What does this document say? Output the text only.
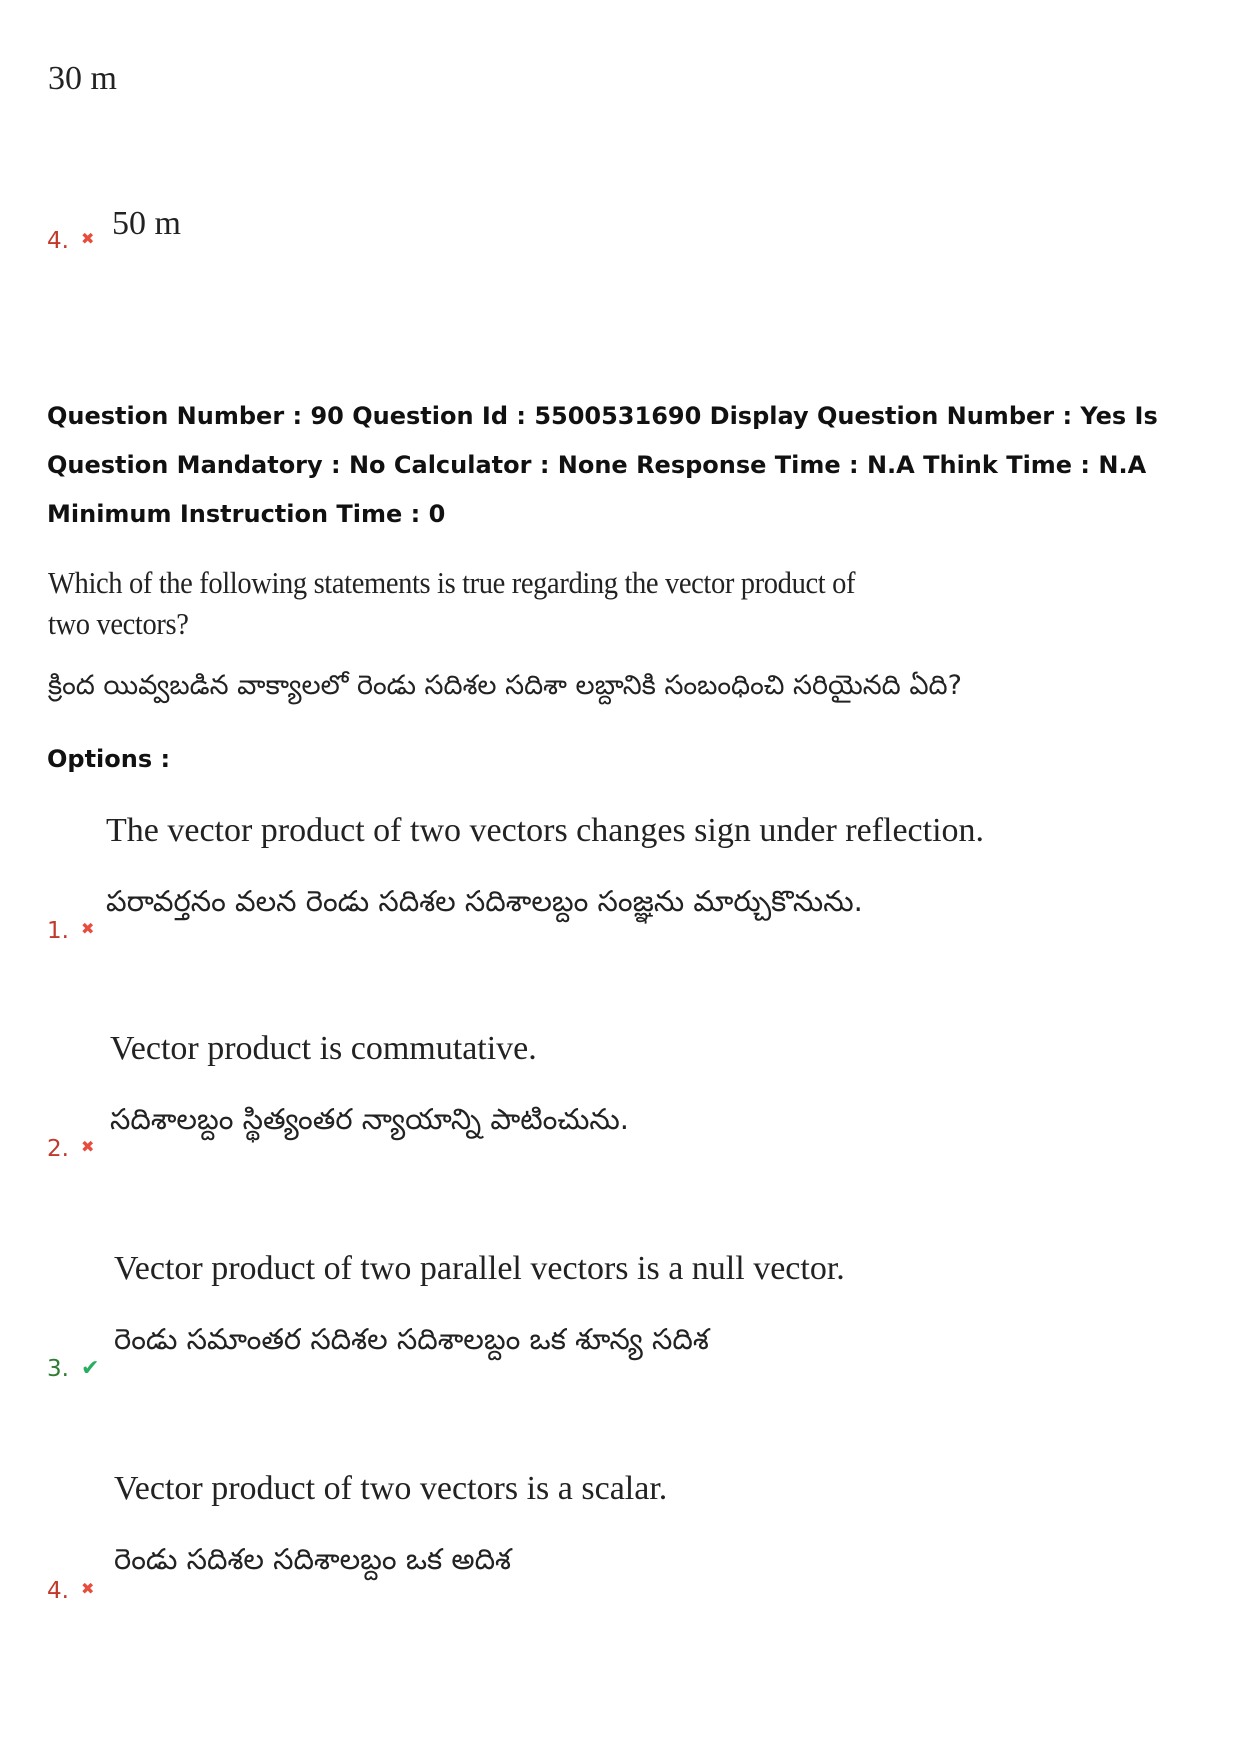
30 m
4. ✖ 50 m
Question Number : 90 Question Id : 5500531690 Display Question Number : Yes Is Question Mandatory : No Calculator : None Response Time : N.A Think Time : N.A Minimum Instruction Time : 0
Which of the following statements is true regarding the vector product of two vectors?
క్రింద యివ్వబడిన వాక్యాలలో రెండు సదిశల సదిశా లబ్దానికి సంబంధించి సరియైనది ఏది?
Options :
The vector product of two vectors changes sign under reflection.
పరావర్తనం వలన రెండు సదిశల సదిశాలబ్దం సంజ్ఞను మార్చుకొనును.
1. ✖
Vector product is commutative.
సదిశాలబ్దం స్థిత్యంతర న్యాయాన్ని పాటించును.
2. ✖
Vector product of two parallel vectors is a null vector.
రెండు సమాంతర సదిశల సదిశాలబ్దం ఒక శూన్య సదిశ
3. ✔
Vector product of two vectors is a scalar.
రెండు సదిశల సదిశాలబ్దం ఒక అదిశ
4. ✖
